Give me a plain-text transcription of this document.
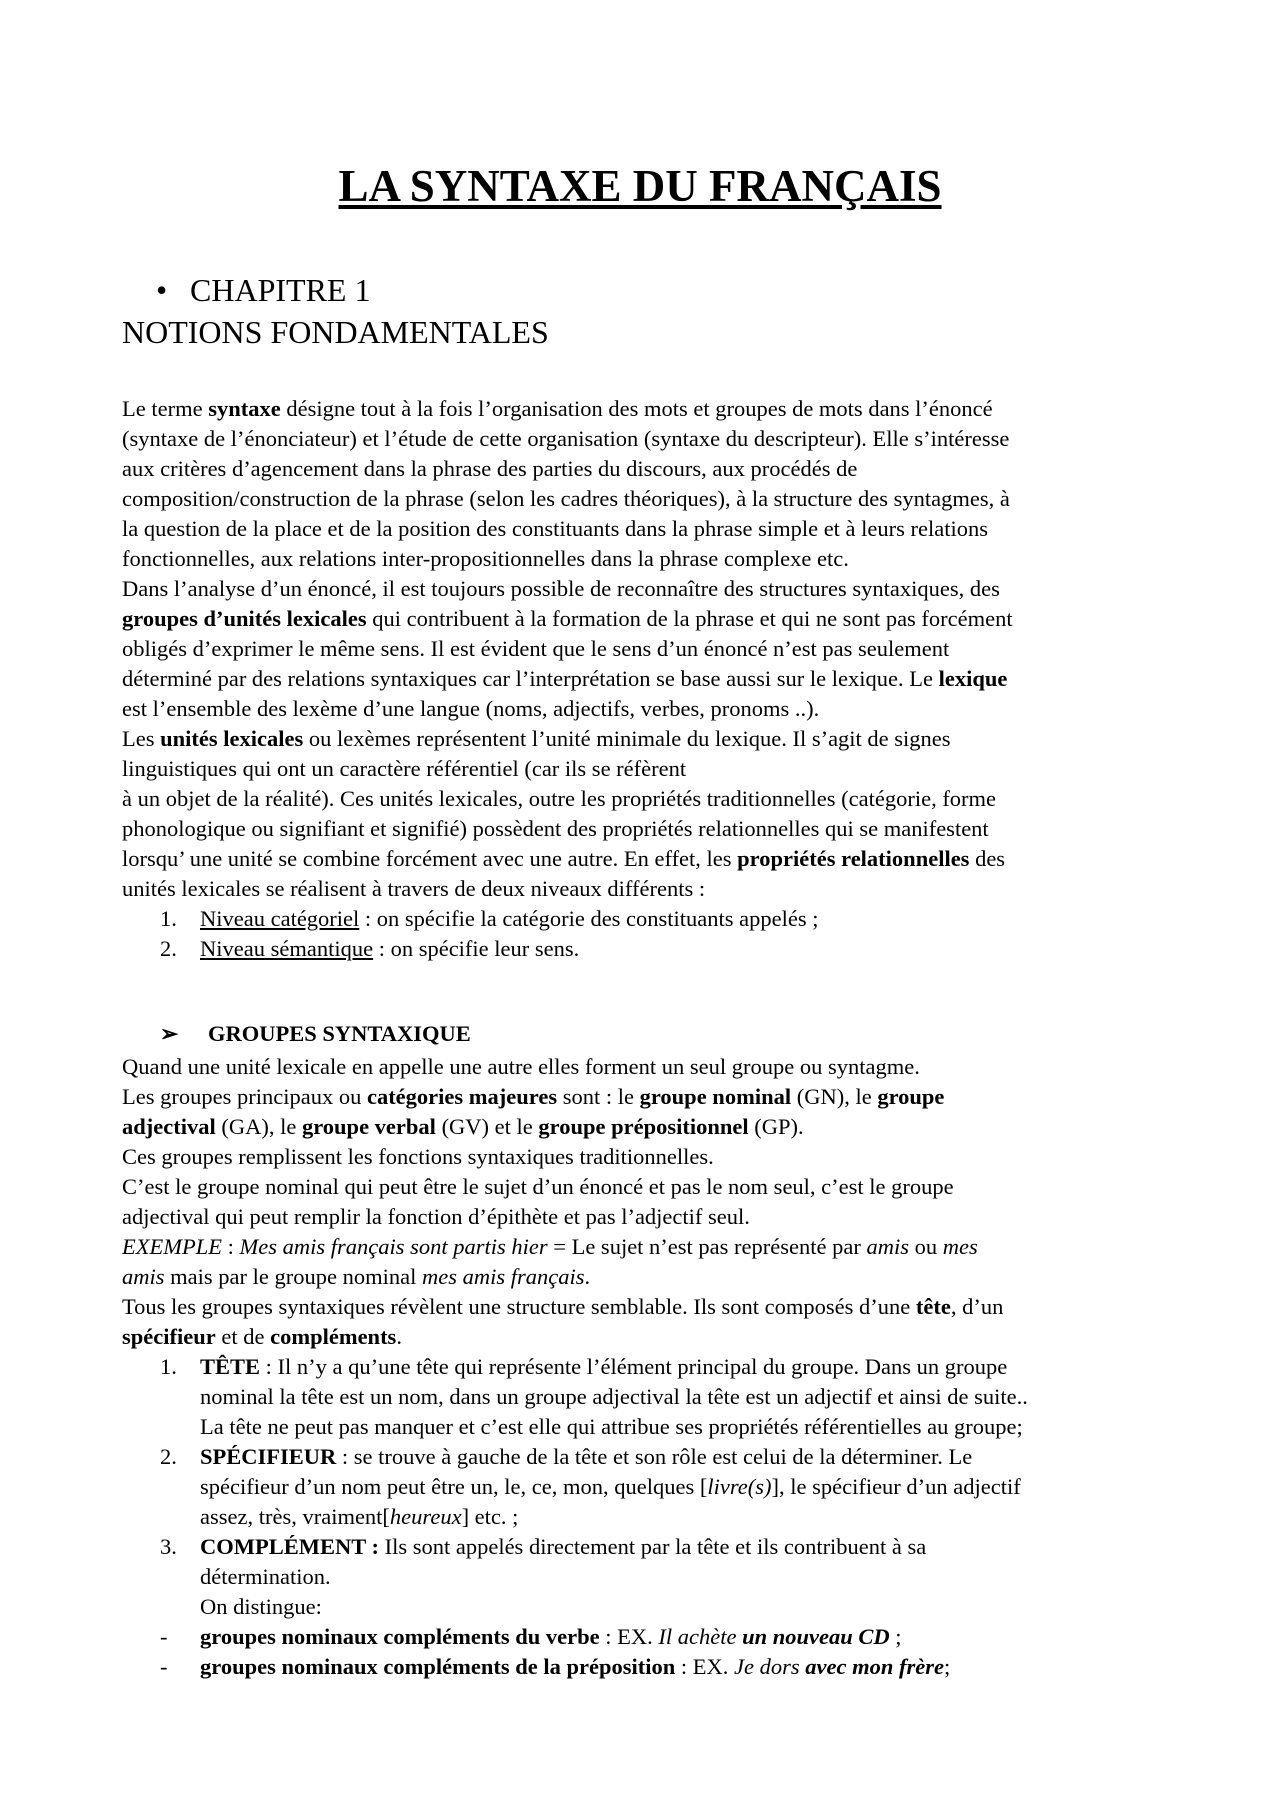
LA SYNTAXE DU FRANÇAIS
• CHAPITRE 1
NOTIONS FONDAMENTALES
Le terme syntaxe désigne tout à la fois l’organisation des mots et groupes de mots dans l’énoncé
(syntaxe de l’énonciateur) et l’étude de cette organisation (syntaxe du descripteur). Elle s’intéresse
aux critères d’agencement dans la phrase des parties du discours, aux procédés de
composition/construction de la phrase (selon les cadres théoriques), à la structure des syntagmes, à
la question de la place et de la position des constituants dans la phrase simple et à leurs relations
fonctionnelles, aux relations inter-propositionnelles dans la phrase complexe etc.
Dans l’analyse d’un énoncé, il est toujours possible de reconnaître des structures syntaxiques, des
groupes d’unités lexicales qui contribuent à la formation de la phrase et qui ne sont pas forcément
obligés d’exprimer le même sens. Il est évident que le sens d’un énoncé n’est pas seulement
déterminé par des relations syntaxiques car l’interprétation se base aussi sur le lexique. Le lexique
est l’ensemble des lexème d’une langue (noms, adjectifs, verbes, pronoms ..).
Les unités lexicales ou lexèmes représentent l’unité minimale du lexique. Il s’agit de signes
linguistiques qui ont un caractère référentiel (car ils se réfèrent
à un objet de la réalité). Ces unités lexicales, outre les propriétés traditionnelles (catégorie, forme
phonologique ou signifiant et signifié) possèdent des propriétés relationnelles qui se manifestent
lorsqu’ une unité se combine forcément avec une autre. En effet, les propriétés relationnelles des
unités lexicales se réalisent à travers de deux niveaux différents :
1. Niveau catégoriel : on spécifie la catégorie des constituants appelés ;
2. Niveau sémantique : on spécifie leur sens.
➢ GROUPES SYNTAXIQUE
Quand une unité lexicale en appelle une autre elles forment un seul groupe ou syntagme.
Les groupes principaux ou catégories majeures sont : le groupe nominal (GN), le groupe
adjectival (GA), le groupe verbal (GV) et le groupe prépositionnel (GP).
Ces groupes remplissent les fonctions syntaxiques traditionnelles.
C’est le groupe nominal qui peut être le sujet d’un énoncé et pas le nom seul, c’est le groupe
adjectival qui peut remplir la fonction d’épithète et pas l’adjectif seul.
EXEMPLE : Mes amis français sont partis hier = Le sujet n’est pas représenté par amis ou mes
amis mais par le groupe nominal mes amis français.
Tous les groupes syntaxiques révèlent une structure semblable. Ils sont composés d’une tête, d’un
spécifieur et de compléments.
1. TÊTE : Il n’y a qu’une tête qui représente l’élément principal du groupe. Dans un groupe
nominal la tête est un nom, dans un groupe adjectival la tête est un adjectif et ainsi de suite..
La tête ne peut pas manquer et c’est elle qui attribue ses propriétés référentielles au groupe;
2. SPÉCIFIEUR : se trouve à gauche de la tête et son rôle est celui de la déterminer. Le
spécifieur d’un nom peut être un, le, ce, mon, quelques [livre(s)], le spécifieur d’un adjectif
assez, très, vraiment[heureux] etc. ;
3. COMPLÉMENT : Ils sont appelés directement par la tête et ils contribuent à sa
détermination.
On distingue:
- groupes nominaux compléments du verbe : EX. Il achète un nouveau CD ;
- groupes nominaux compléments de la préposition : EX. Je dors avec mon frère;
